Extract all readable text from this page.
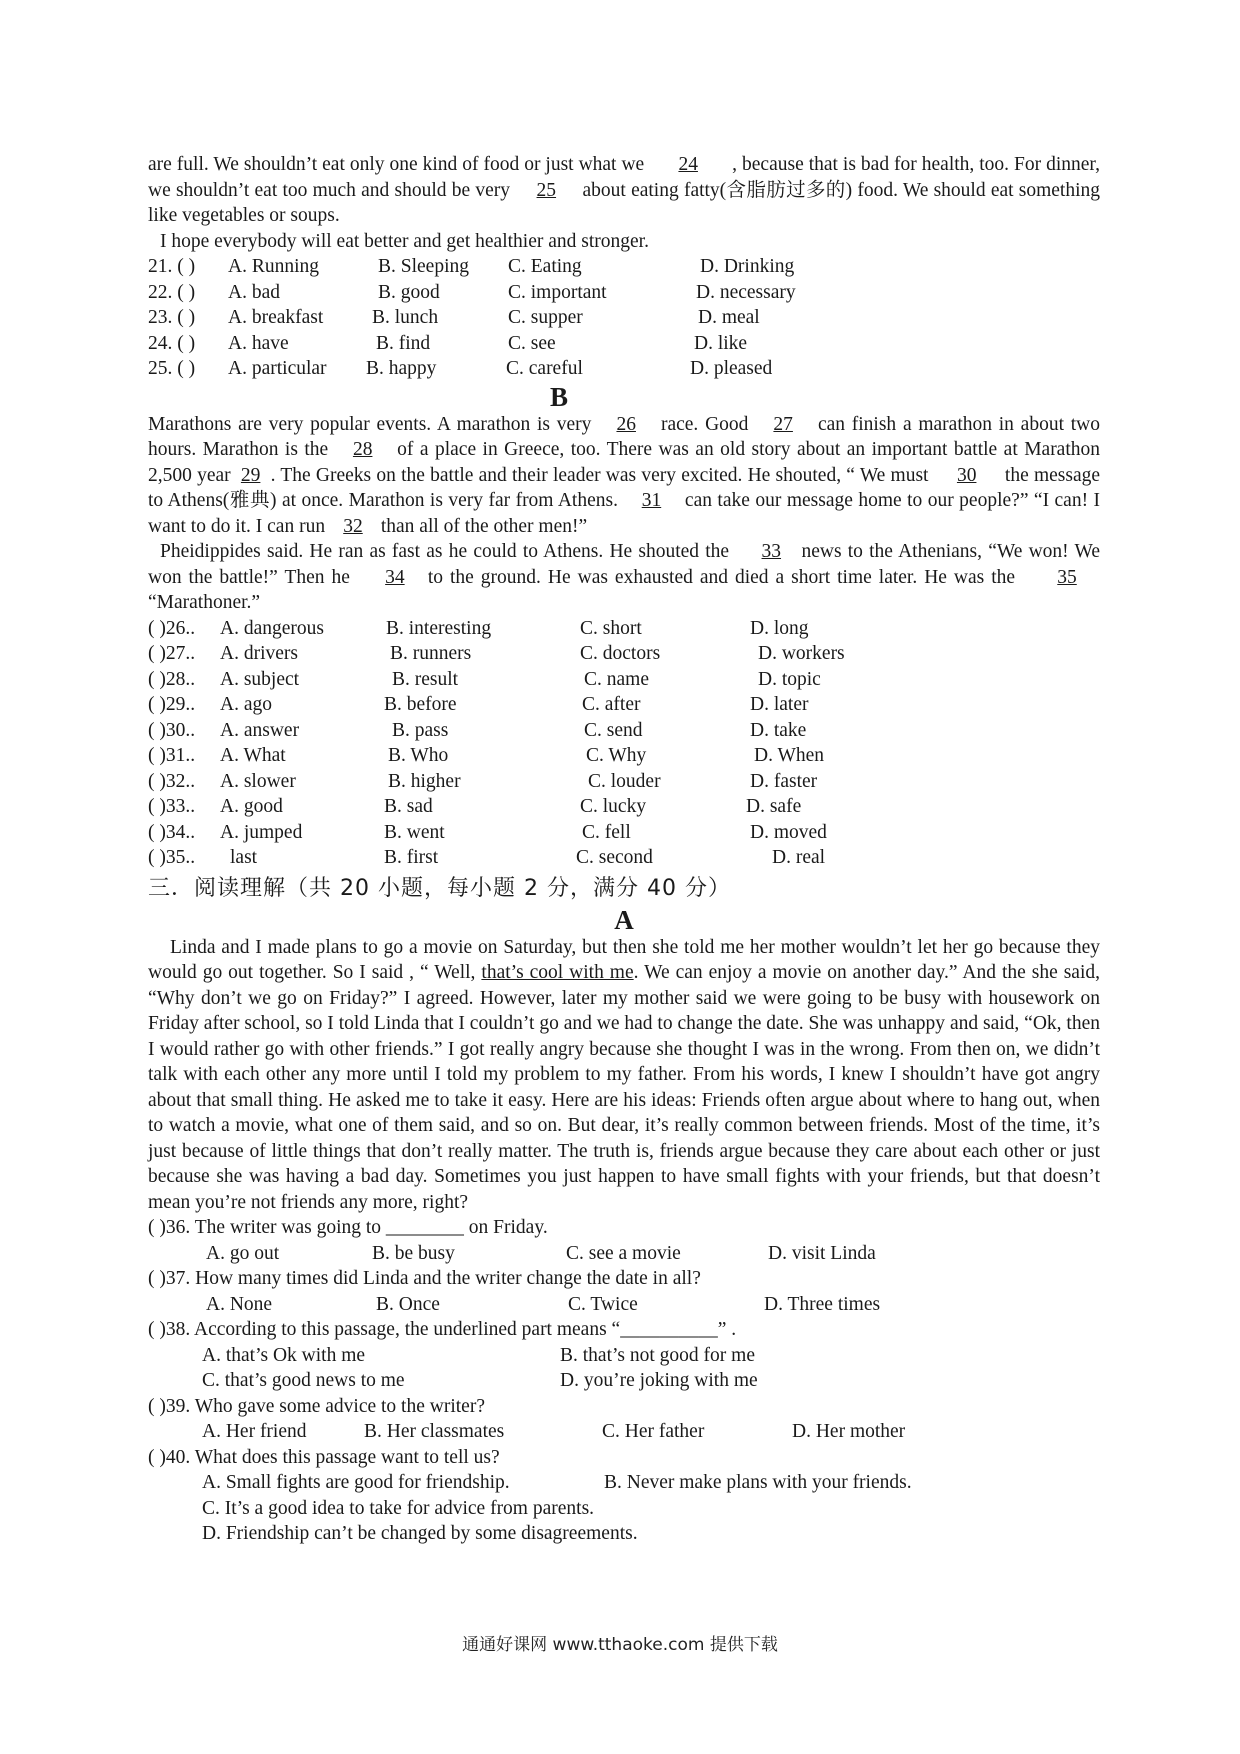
are full. We shouldn’t eat only one kind of food or just what we 24 , because that is bad for health, too. For dinner, we shouldn’t eat too much and should be very 25 about eating fatty(含脂肪过多的) food. We should eat something like vegetables or soups.

I hope everybody will eat better and get healthier and stronger.

21. ( ) A. Running	B. Sleeping C. Eating	D. Drinking
22. ( ) A. bad	B. good	C. important	D. necessary
23. ( ) A. breakfast B. lunch	C. supper	D. meal
24. ( ) A. have	B. find	C. see	D. like
25. ( ) A. particular B. happy	C. careful	D. pleased
B

Marathons are very popular events. A marathon is very 26 race. Good 27 can finish a marathon in about two hours. Marathon is the 28 of a place in Greece, too. There was an old story about an important battle at Marathon 2,500 year 29 . The Greeks on the battle and their leader was very excited. He shouted, “ We must 30 the message to Athens(雅典) at once. Marathon is very far from Athens. 31 can take our message home to our people?” “I can! I want to do it. I can run 32 than all of the other men!”

Pheidippides said. He ran as fast as he could to Athens. He shouted the 33 news to the Athenians, “We won! We won the battle!” Then he 34 to the ground. He was exhausted and died a short time later. He was the 35 “Marathoner.”

( )26.. A. dangerous	B. interesting	C. short	D. long
( )27.. A. drivers	B. runners	C. doctors	D. workers
( )28.. A. subject	B. result	C. name	D. topic
( )29.. A. ago	B. before	C. after	D. later
( )30.. A. answer	B. pass	C. send	D. take
( )31.. A. What	B. Who	C. Why	D. When
( )32.. A. slower	B. higher	C. louder	D. faster
( )33.. A. good	B. sad	C. lucky	D. safe
( )34.. A. jumped	B. went	C. fell	D. moved
( )35.. last	B. first	C. second	D. real
三．阅读理解（共 20 小题，每小题 2 分，满分 40 分）
A

Linda and I made plans to go a movie on Saturday, but then she told me her mother wouldn’t let her go because they would go out together. So I said , “ Well, that’s cool with me. We can enjoy a movie on another day.” And the she said, “Why don’t we go on Friday?” I agreed. However, later my mother said we were going to be busy with housework on Friday after school, so I told Linda that I couldn’t go and we had to change the date. She was unhappy and said, “Ok, then I would rather go with other friends.” I got really angry because she thought I was in the wrong. From then on, we didn’t talk with each other any more until I told my problem to my father. From his words, I knew I shouldn’t have got angry about that small thing. He asked me to take it easy. Here are his ideas: Friends often argue about where to hang out, when to watch a movie, what one of them said, and so on. But dear, it’s really common between friends. Most of the time, it’s just because of little things that don’t really matter. The truth is, friends argue because they care about each other or just because she was having a bad day. Sometimes you just happen to have small fights with your friends, but that doesn’t mean you’re not friends any more, right?

( )36. The writer was going to ________ on Friday.
A. go out	B. be busy	C. see a movie	D. visit Linda
( )37. How many times did Linda and the writer change the date in all?
A. None	B. Once	C. Twice	D. Three times
( )38. According to this passage, the underlined part means “__________” .
A. that’s Ok with me	B. that’s not good for me
C. that’s good news to me	D. you’re joking with me
( )39. Who gave some advice to the writer?
A. Her friend	B. Her classmates	C. Her father	D. Her mother
( )40. What does this passage want to tell us?
A. Small fights are good for friendship.	B. Never make plans with your friends.
C. It’s a good idea to take for advice from parents.
D. Friendship can’t be changed by some disagreements.
通通好课网 www.tthaoke.com 提供下载
